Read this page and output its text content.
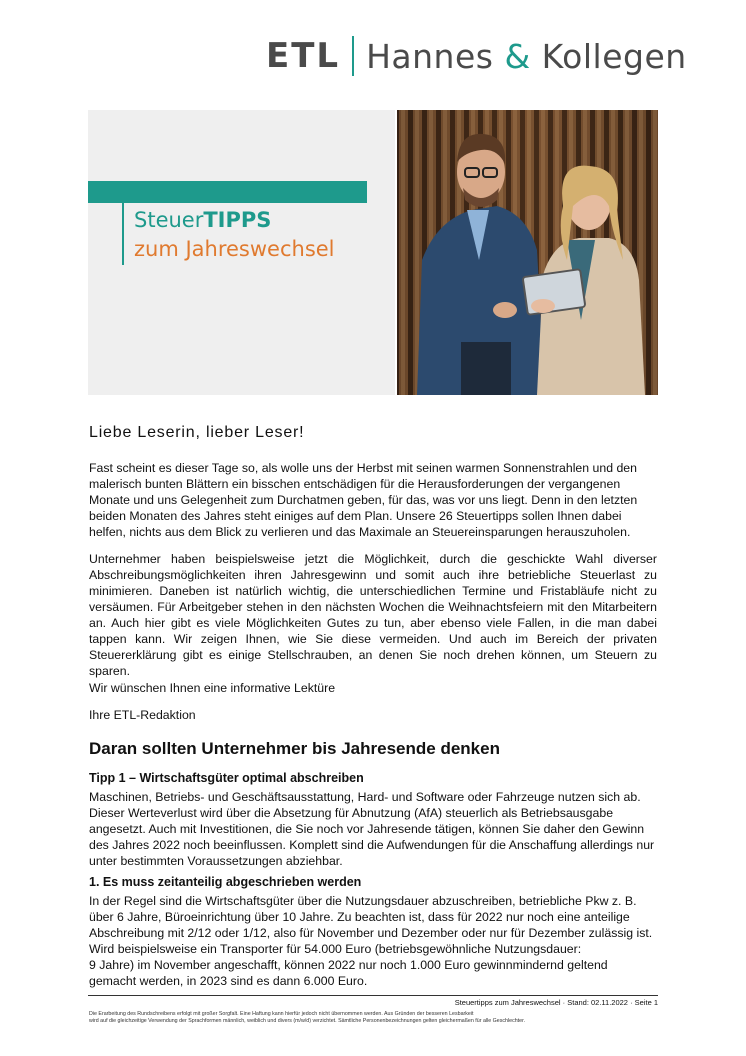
ETL Hannes & Kollegen
SteuerTIPPS
zum Jahreswechsel
Liebe Leserin, lieber Leser!

Fast scheint es dieser Tage so, als wolle uns der Herbst mit seinen warmen Sonnenstrahlen und den malerisch bunten Blättern ein bisschen entschädigen für die Herausforderungen der vergangenen Monate und uns Gelegenheit zum Durchatmen geben, für das, was vor uns liegt. Denn in den letzten beiden Monaten des Jahres steht einiges auf dem Plan. Unsere 26 Steuertipps sollen Ihnen dabei helfen, nichts aus dem Blick zu verlieren und das Maximale an Steuereinsparungen herauszuholen.

Unternehmer haben beispielsweise jetzt die Möglichkeit, durch die geschickte Wahl diverser Abschreibungsmöglichkeiten ihren Jahresgewinn und somit auch ihre betriebliche Steuerlast zu minimieren. Daneben ist natürlich wichtig, die unterschiedlichen Termine und Fristabläufe nicht zu versäumen. Für Arbeitgeber stehen in den nächsten Wochen die Weihnachtsfeiern mit den Mitarbeitern an. Auch hier gibt es viele Möglichkeiten Gutes zu tun, aber ebenso viele Fallen, in die man dabei tappen kann. Wir zeigen Ihnen, wie Sie diese vermeiden. Und auch im Bereich der privaten Steuererklärung gibt es einige Stellschrauben, an denen Sie noch drehen können, um Steuern zu sparen.

Wir wünschen Ihnen eine informative Lektüre
Ihre ETL-Redaktion
Daran sollten Unternehmer bis Jahresende denken

Tipp 1 – Wirtschaftsgüter optimal abschreiben

Maschinen, Betriebs- und Geschäftsausstattung, Hard- und Software oder Fahrzeuge nutzen sich ab. Dieser Werteverlust wird über die Absetzung für Abnutzung (AfA) steuerlich als Betriebsausgabe angesetzt. Auch mit Investitionen, die Sie noch vor Jahresende tätigen, können Sie daher den Gewinn des Jahres 2022 noch beeinflussen. Komplett sind die Aufwendungen für die Anschaffung allerdings nur unter bestimmten Voraussetzungen abziehbar.

1. Es muss zeitanteilig abgeschrieben werden

In der Regel sind die Wirtschaftsgüter über die Nutzungsdauer abzuschreiben, betriebliche Pkw z. B. über 6 Jahre, Büroeinrichtung über 10 Jahre. Zu beachten ist, dass für 2022 nur noch eine anteilige Abschreibung mit 2/12 oder 1/12, also für November und Dezember oder nur für Dezember zulässig ist. Wird beispielsweise ein Transporter für 54.000 Euro (betriebsgewöhnliche Nutzungsdauer:

9 Jahre) im November angeschafft, können 2022 nur noch 1.000 Euro gewinnmindernd geltend gemacht werden, in 2023 sind es dann 6.000 Euro.

Steuertipps zum Jahreswechsel · Stand: 02.11.2022 · Seite 1
Die Erarbeitung des Rundschreibens erfolgt mit großer Sorgfalt. Eine Haftung kann hierfür jedoch nicht übernommen werden. Aus Gründen der besseren Lesbarkeit
wird auf die gleichzeitige Verwendung der Sprachformen männlich, weiblich und divers (m/w/d) verzichtet. Sämtliche Personenbezeichnungen gelten gleichermaßen für alle Geschlechter.
